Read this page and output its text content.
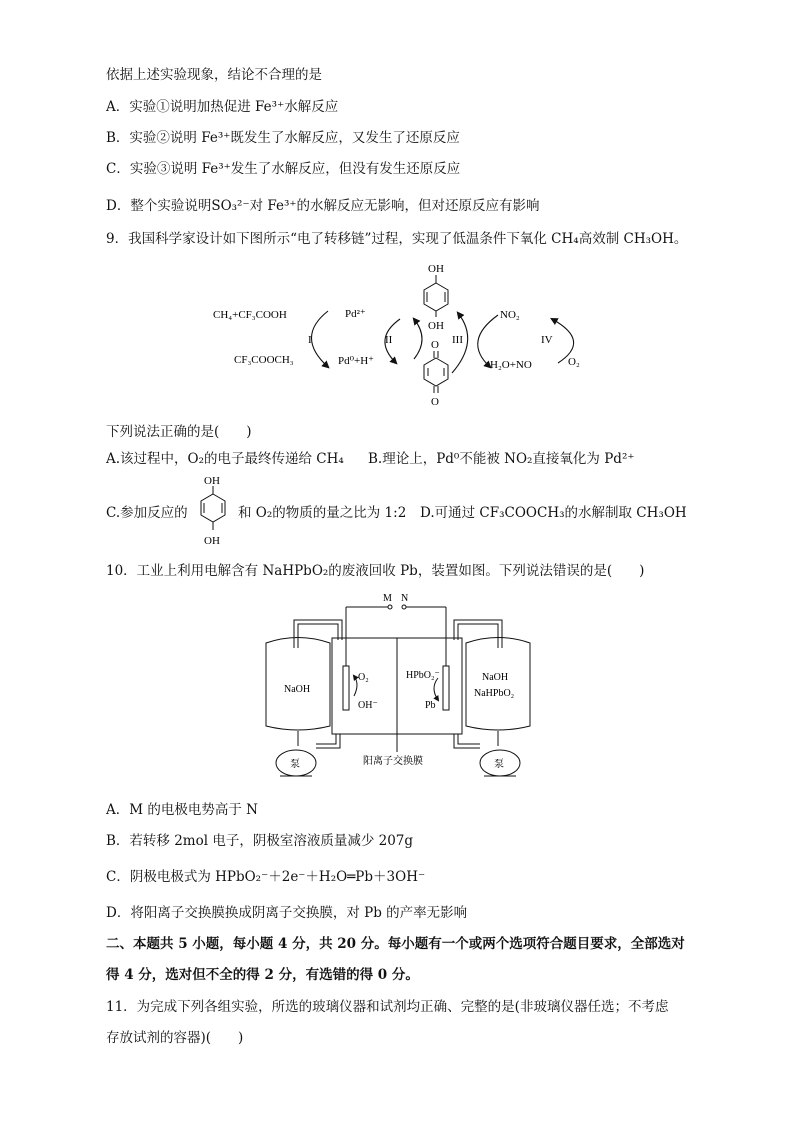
依据上述实验现象，结论不合理的是
A．实验①说明加热促进 Fe³⁺水解反应
B．实验②说明 Fe³⁺既发生了水解反应，又发生了还原反应
C．实验③说明 Fe³⁺发生了水解反应，但没有发生还原反应
D．整个实验说明SO₃²⁻对 Fe³⁺的水解反应无影响，但对还原反应有影响
9．我国科学家设计如下图所示“电了转移链”过程，实现了低温条件下氧化 CH₄高效制 CH₃OH。
CH₄+CF₃COOH
CF₃COOCH₃
I
Pd²⁺
Pd⁰+H⁺
II
OH
OH
O
O
III
NO₂
H₂O+NO
IV
O₂
下列说法正确的是(　　)
A.该过程中，O₂的电子最终传递给 CH₄ B.理论上，Pd⁰不能被 NO₂直接氧化为 Pd²⁺
C.参加反应的
OH
OH
和 O₂的物质的量之比为 1:2 D.可通过 CF₃COOCH₃的水解制取 CH₃OH
10．工业上利用电解含有 NaHPbO₂的废液回收 Pb，装置如图。下列说法错误的是(　　)
M N
NaOH
NaOH
NaHPbO₂
O₂
OH⁻
HPbO₂⁻
Pb
泵	泵
阳离子交换膜
A．M 的电极电势高于 N
B．若转移 2mol 电子，阴极室溶液质量减少 207g
C．阴极电极式为 HPbO₂⁻＋2e⁻＋H₂O═Pb＋3OH⁻
D．将阳离子交换膜换成阴离子交换膜，对 Pb 的产率无影响
二、本题共 5 小题，每小题 4 分，共 20 分。每小题有一个或两个选项符合题目要求，全部选对
得 4 分，选对但不全的得 2 分，有选错的得 0 分。
11．为完成下列各组实验，所选的玻璃仪器和试剂均正确、完整的是(非玻璃仪器任选；不考虑
存放试剂的容器)(　　)
